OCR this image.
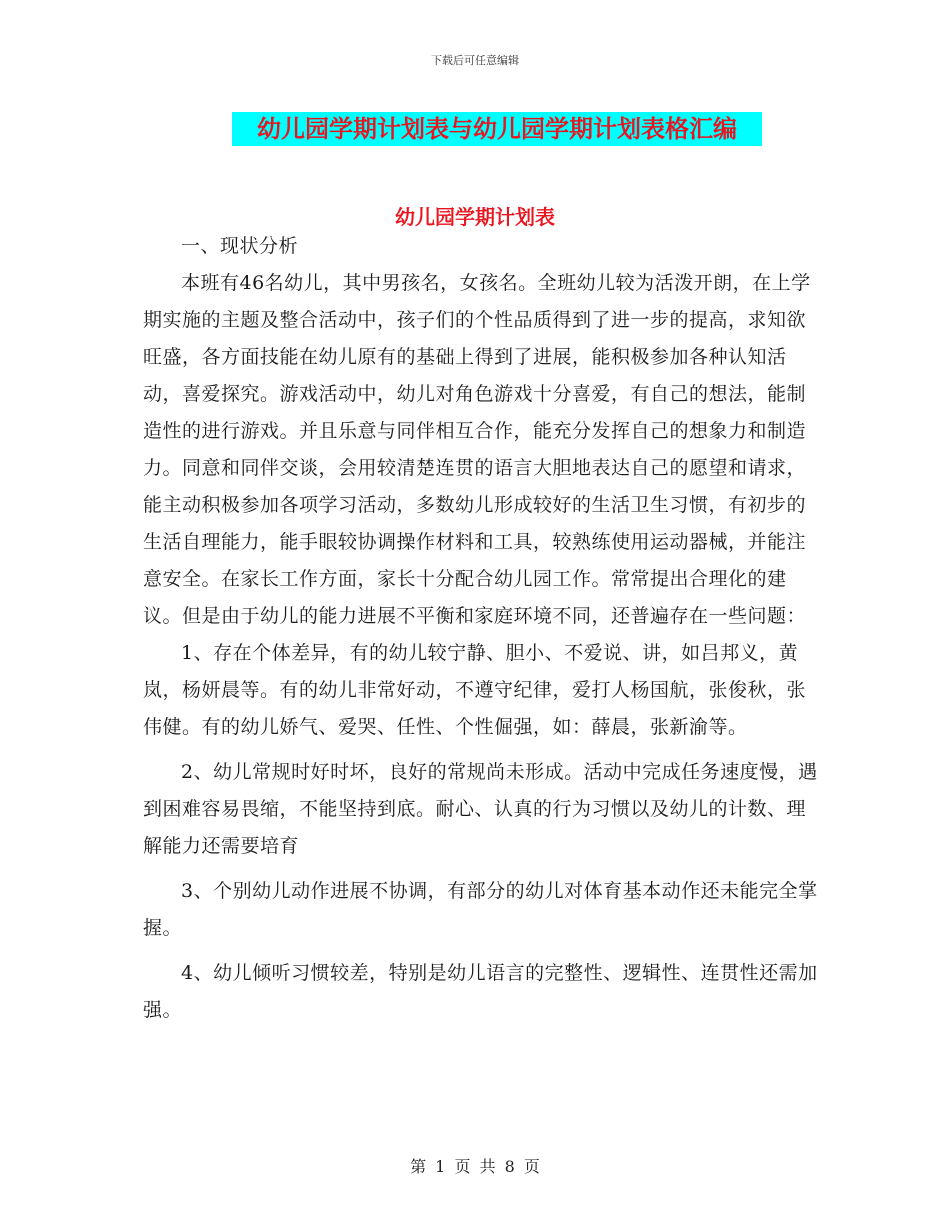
下载后可任意编辑
幼儿园学期计划表与幼儿园学期计划表格汇编
幼儿园学期计划表

一、现状分析

本班有46名幼儿，其中男孩名，女孩名。全班幼儿较为活泼开朗，在上学期实施的主题及整合活动中，孩子们的个性品质得到了进一步的提高，求知欲旺盛，各方面技能在幼儿原有的基础上得到了进展，能积极参加各种认知活动，喜爱探究。游戏活动中，幼儿对角色游戏十分喜爱，有自己的想法，能制造性的进行游戏。并且乐意与同伴相互合作，能充分发挥自己的想象力和制造力。同意和同伴交谈，会用较清楚连贯的语言大胆地表达自己的愿望和请求，能主动积极参加各项学习活动，多数幼儿形成较好的生活卫生习惯，有初步的生活自理能力，能手眼较协调操作材料和工具，较熟练使用运动器械，并能注意安全。在家长工作方面，家长十分配合幼儿园工作。常常提出合理化的建议。但是由于幼儿的能力进展不平衡和家庭环境不同，还普遍存在一些问题：

1、存在个体差异，有的幼儿较宁静、胆小、不爱说、讲，如吕邦义，黄岚，杨妍晨等。有的幼儿非常好动，不遵守纪律，爱打人杨国航，张俊秋，张伟健。有的幼儿娇气、爱哭、任性、个性倔强，如：薛晨，张新渝等。

2、幼儿常规时好时坏，良好的常规尚未形成。活动中完成任务速度慢，遇到困难容易畏缩，不能坚持到底。耐心、认真的行为习惯以及幼儿的计数、理解能力还需要培育

3、个别幼儿动作进展不协调，有部分的幼儿对体育基本动作还未能完全掌握。

4、幼儿倾听习惯较差，特别是幼儿语言的完整性、逻辑性、连贯性还需加强。

第 1 页 共 8 页
